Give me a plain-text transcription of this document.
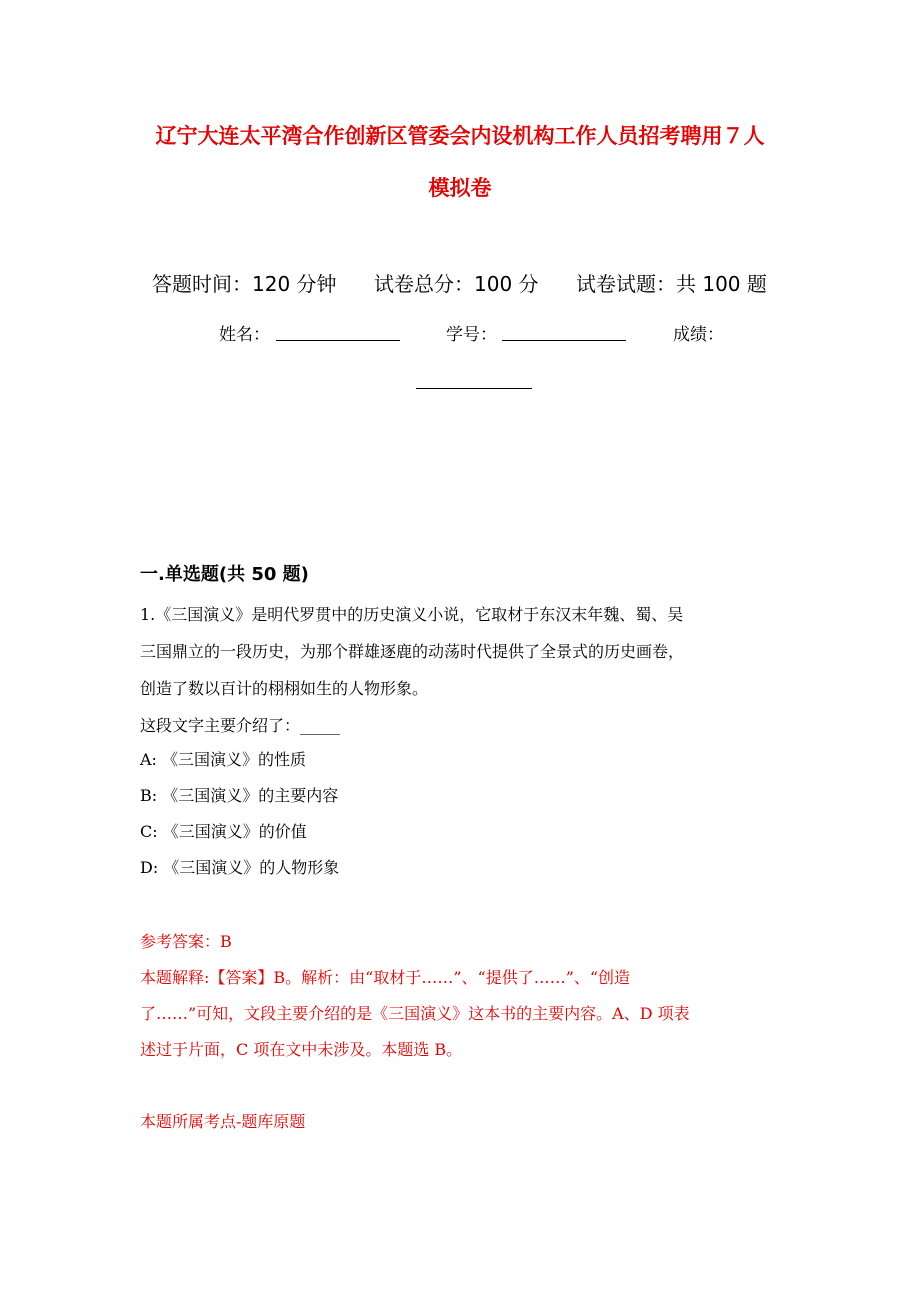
辽宁大连太平湾合作创新区管委会内设机构工作人员招考聘用７人
模拟卷
答题时间：120 分钟 试卷总分：100 分 试卷试题：共 100 题
姓名：	学号：	成绩：
一.单选题(共 50 题)
1.《三国演义》是明代罗贯中的历史演义小说，它取材于东汉末年魏、蜀、吴
三国鼎立的一段历史，为那个群雄逐鹿的动荡时代提供了全景式的历史画卷，
创造了数以百计的栩栩如生的人物形象。
这段文字主要介绍了：_____
A: 《三国演义》的性质
B: 《三国演义》的主要内容
C: 《三国演义》的价值
D: 《三国演义》的人物形象
参考答案：B
本题解释:【答案】B。解析：由“取材于……”、“提供了……”、“创造
了……”可知，文段主要介绍的是《三国演义》这本书的主要内容。A、D 项表
述过于片面，C 项在文中未涉及。本题选 B。
本题所属考点-题库原题
